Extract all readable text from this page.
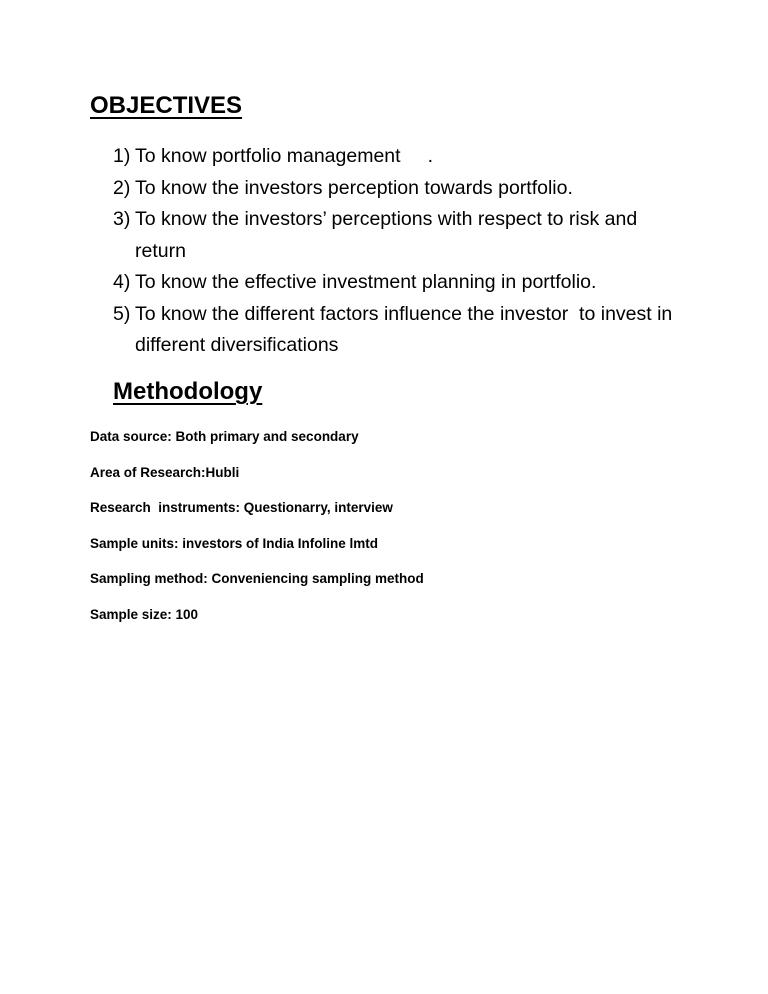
OBJECTIVES
1) To know portfolio management     .
2) To know the investors perception towards portfolio.
3) To know the investors’ perceptions with respect to risk and return
4) To know the effective investment planning in portfolio.
5) To know the different factors influence the investor  to invest in different diversifications
Methodology
Data source: Both primary and secondary
Area of Research:Hubli
Research  instruments: Questionarry, interview
Sample units: investors of India Infoline lmtd
Sampling method: Conveniencing sampling method
Sample size: 100
